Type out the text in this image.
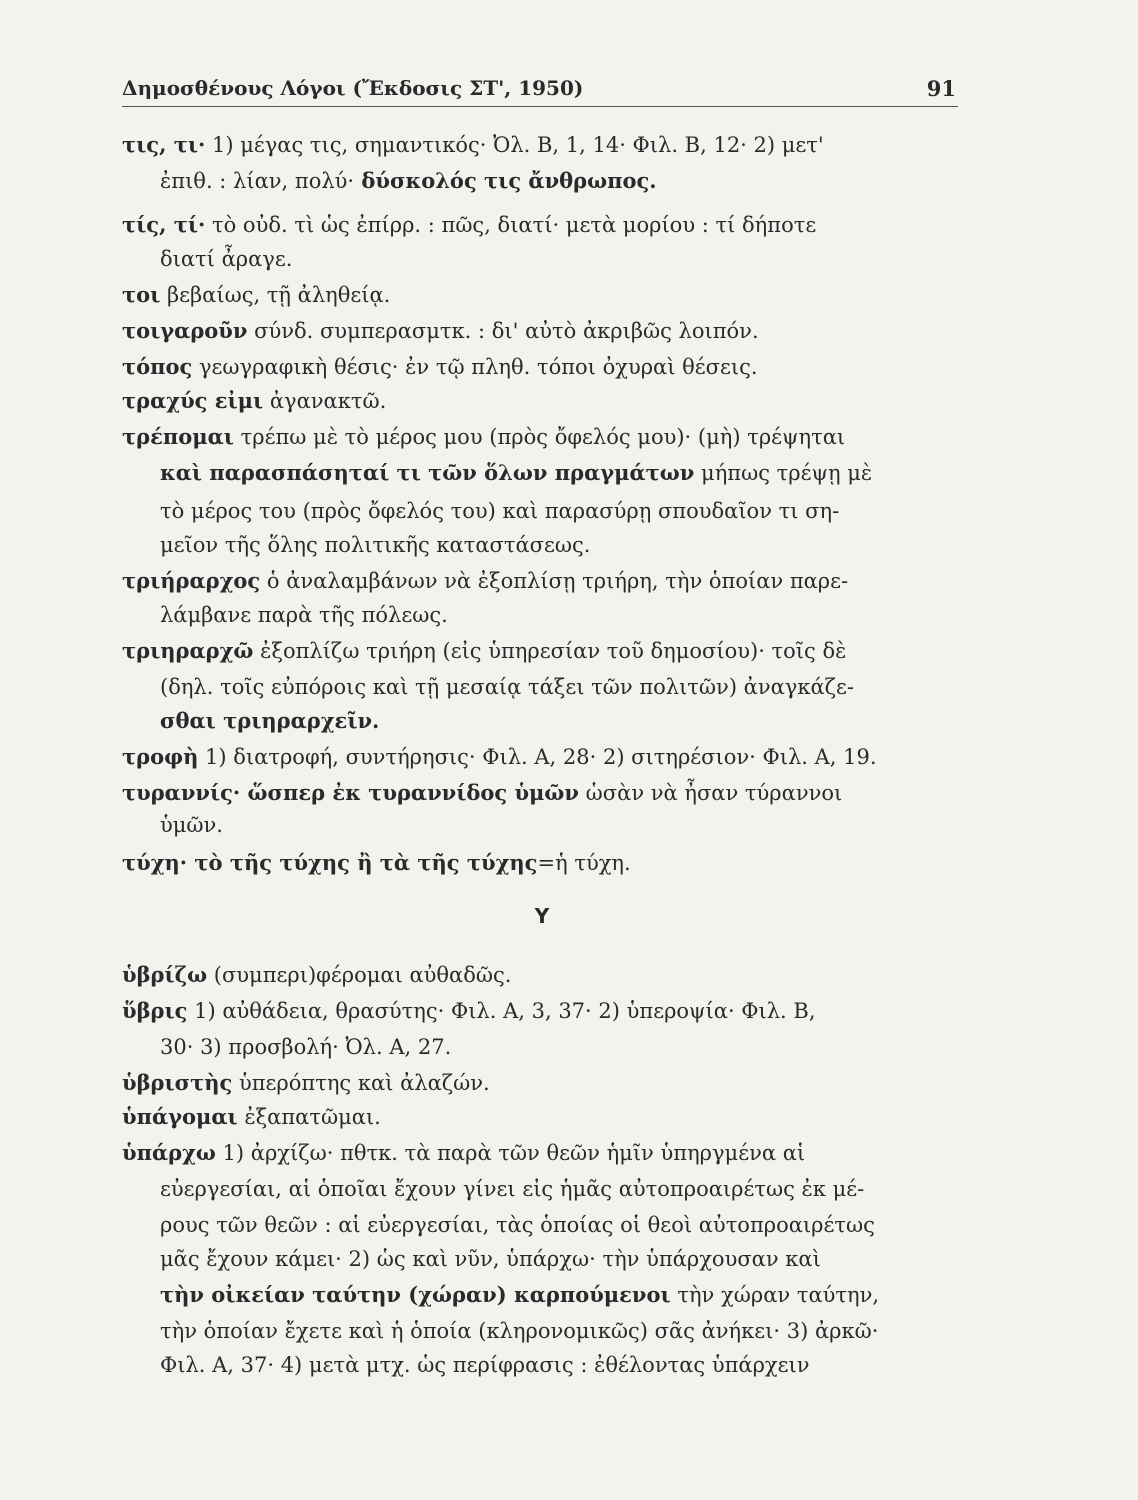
Δημοσθένους Λόγοι (Ἔκδοσις ΣΤ', 1950)	91
τις, τι· 1) μέγας τις, σημαντικός· Ὀλ. Β, 1, 14· Φιλ. Β, 12· 2) μετ'
ἐπιθ. : λίαν, πολύ· δύσκολός τις ἄνθρωπος.
τίς, τί· τὸ οὐδ. τὶ ὡς ἐπίρρ. : πῶς, διατί· μετὰ μορίου : τί δήποτε
διατί ἆραγε.
τοι βεβαίως, τῇ ἀληθείᾳ.
τοιγαροῦν σύνδ. συμπερασμτκ. : δι' αὐτὸ ἀκριβῶς λοιπόν.
τόπος γεωγραφικὴ θέσις· ἐν τῷ πληθ. τόποι ὀχυραὶ θέσεις.
τραχύς εἰμι ἀγανακτῶ.
τρέπομαι τρέπω μὲ τὸ μέρος μου (πρὸς ὄφελός μου)· (μὴ) τρέψηται
καὶ παρασπάσηταί τι τῶν ὅλων πραγμάτων μήπως τρέψῃ μὲ
τὸ μέρος του (πρὸς ὄφελός του) καὶ παρασύρῃ σπουδαῖον τι ση-
μεῖον τῆς ὅλης πολιτικῆς καταστάσεως.
τριήραρχος ὁ ἀναλαμβάνων νὰ ἐξοπλίσῃ τριήρη, τὴν ὁποίαν παρε-
λάμβανε παρὰ τῆς πόλεως.
τριηραρχῶ ἐξοπλίζω τριήρη (εἰς ὑπηρεσίαν τοῦ δημοσίου)· τοῖς δὲ
(δηλ. τοῖς εὐπόροις καὶ τῇ μεσαίᾳ τάξει τῶν πολιτῶν) ἀναγκάζε-
σθαι τριηραρχεῖν.
τροφὴ 1) διατροφή, συντήρησις· Φιλ. Α, 28· 2) σιτηρέσιον· Φιλ. Α, 19.
τυραννίς· ὥσπερ ἐκ τυραννίδος ὑμῶν ὡσὰν νὰ ἦσαν τύραννοι
ὑμῶν.
τύχη· τὸ τῆς τύχης ἢ τὰ τῆς τύχης=ἡ τύχη.
Υ
ὑβρίζω (συμπερι)φέρομαι αὐθαδῶς.
ὕβρις 1) αὐθάδεια, θρασύτης· Φιλ. Α, 3, 37· 2) ὑπεροψία· Φιλ. Β,
30· 3) προσβολή· Ὀλ. Α, 27.
ὑβριστὴς ὑπερόπτης καὶ ἀλαζών.
ὑπάγομαι ἐξαπατῶμαι.
ὑπάρχω 1) ἀρχίζω· πθτκ. τὰ παρὰ τῶν θεῶν ἡμῖν ὑπηργμένα αἱ
εὐεργεσίαι, αἱ ὁποῖαι ἔχουν γίνει εἰς ἡμᾶς αὐτοπροαιρέτως ἐκ μέ-
ρους τῶν θεῶν : αἱ εὐεργεσίαι, τὰς ὁποίας οἱ θεοὶ αὐτοπροαιρέτως
μᾶς ἔχουν κάμει· 2) ὡς καὶ νῦν, ὑπάρχω· τὴν ὑπάρχουσαν καὶ
τὴν οἰκείαν ταύτην (χώραν) καρπούμενοι τὴν χώραν ταύτην,
τὴν ὁποίαν ἔχετε καὶ ἡ ὁποία (κληρονομικῶς) σᾶς ἀνήκει· 3) ἀρκῶ·
Φιλ. Α, 37· 4) μετὰ μτχ. ὡς περίφρασις : ἐθέλοντας ὑπάρχειν
